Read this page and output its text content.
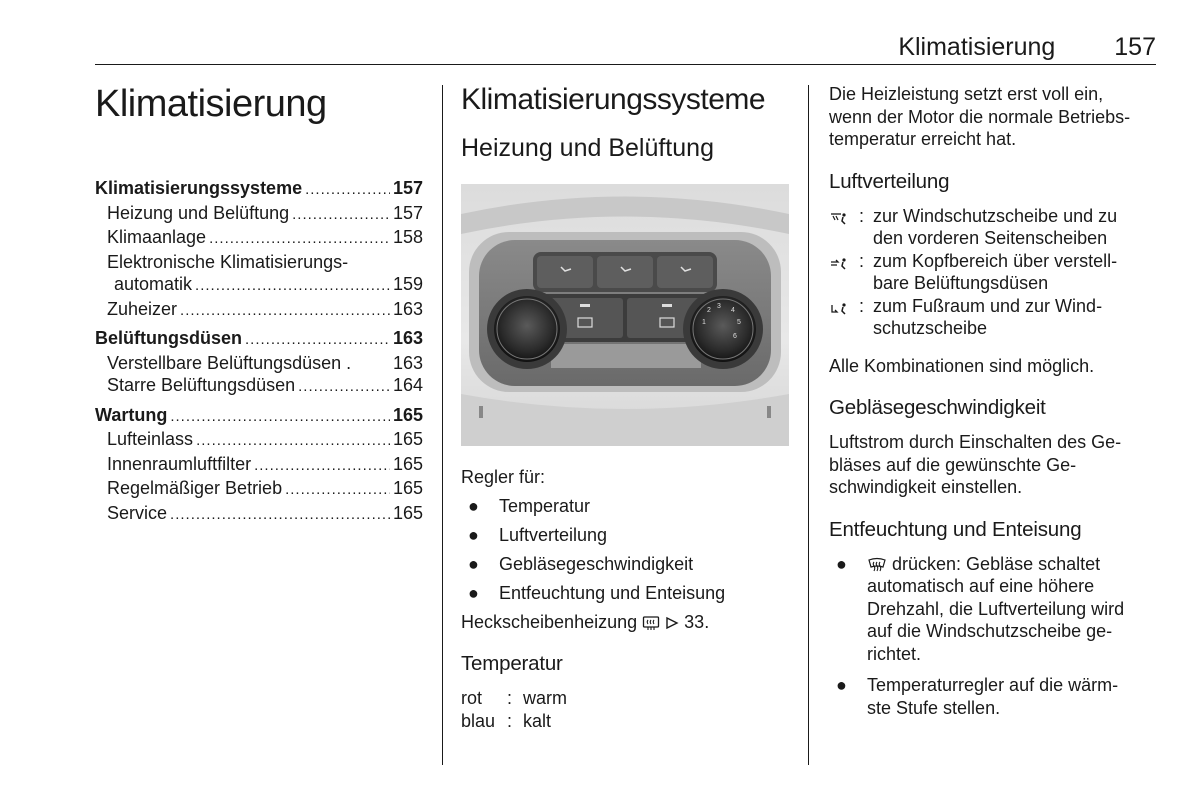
Klimatisierung 157
Klimatisierung
Klimatisierungssysteme .....	157
Heizung und Belüftung .....	157
Klimaanlage .....	158
Elektronische Klimatisierungs-
automatik .....	159
Zuheizer .....	163
Belüftungsdüsen .....	163
Verstellbare Belüftungsdüsen . 163
Starre Belüftungsdüsen .....	164
Wartung .....	165
Lufteinlass .....	165
Innenraumluftfilter .....	165
Regelmäßiger Betrieb .....	165
Service .....	165
Klimatisierungssysteme
Heizung und Belüftung
3
4
5
6
2
1

Regler für:

● Temperatur
● Luftverteilung
● Gebläsegeschwindigkeit
● Entfeuchtung und Enteisung

Heckscheibenheizung	33.

Temperatur
rot	: warm
blau : kalt

Die Heizleistung setzt erst voll ein,
wenn der Motor die normale Betriebs-
temperatur erreicht hat.

Luftverteilung
: zur Windschutzscheibe und zu
den vorderen Seitenscheiben
: zum Kopfbereich über verstell-
bare Belüftungsdüsen
: zum Fußraum und zur Wind-
schutzscheibe

Alle Kombinationen sind möglich.

Gebläsegeschwindigkeit

Luftstrom durch Einschalten des Ge-
bläses auf die gewünschte Ge-
schwindigkeit einstellen.

Entfeuchtung und Enteisung
●	drücken: Gebläse schaltet
automatisch auf eine höhere
Drehzahl, die Luftverteilung wird
auf die Windschutzscheibe ge-
richtet.
● Temperaturregler auf die wärm-
ste Stufe stellen.
